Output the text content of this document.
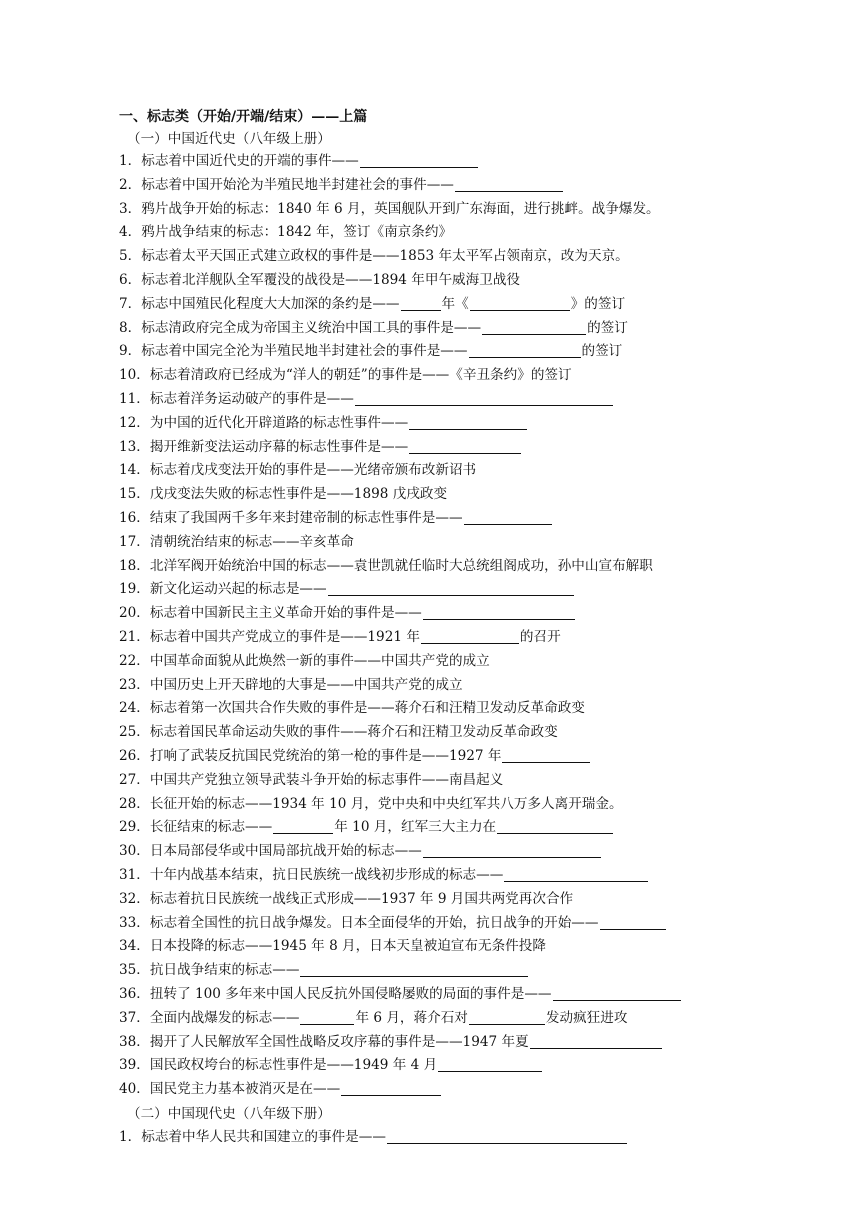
一、标志类（开始/开端/结束）——上篇
（一）中国近代史（八年级上册）
1．标志着中国近代史的开端的事件——
2．标志着中国开始沦为半殖民地半封建社会的事件——
3．鸦片战争开始的标志：1840 年 6 月，英国舰队开到广东海面，进行挑衅。战争爆发。
4．鸦片战争结束的标志：1842 年，签订《南京条约》
5．标志着太平天国正式建立政权的事件是——1853 年太平军占领南京，改为天京。
6．标志着北洋舰队全军覆没的战役是——1894 年甲午威海卫战役
7．标志中国殖民化程度大大加深的条约是——	年《	》的签订
8．标志清政府完全成为帝国主义统治中国工具的事件是——	的签订
9．标志着中国完全沦为半殖民地半封建社会的事件是——	的签订
10．标志着清政府已经成为“洋人的朝廷”的事件是——《辛丑条约》的签订
11．标志着洋务运动破产的事件是——
12．为中国的近代化开辟道路的标志性事件——
13．揭开维新变法运动序幕的标志性事件是——
14．标志着戊戌变法开始的事件是——光绪帝颁布改新诏书
15．戊戌变法失败的标志性事件是——1898 戊戌政变
16．结束了我国两千多年来封建帝制的标志性事件是——
17．清朝统治结束的标志——辛亥革命
18．北洋军阀开始统治中国的标志——袁世凯就任临时大总统组阁成功，孙中山宣布解职
19．新文化运动兴起的标志是——
20．标志着中国新民主主义革命开始的事件是——
21．标志着中国共产党成立的事件是——1921 年	的召开
22．中国革命面貌从此焕然一新的事件——中国共产党的成立
23．中国历史上开天辟地的大事是——中国共产党的成立
24．标志着第一次国共合作失败的事件是——蒋介石和汪精卫发动反革命政变
25．标志着国民革命运动失败的事件——蒋介石和汪精卫发动反革命政变
26．打响了武装反抗国民党统治的第一枪的事件是——1927 年
27．中国共产党独立领导武装斗争开始的标志事件——南昌起义
28．长征开始的标志——1934 年 10 月，党中央和中央红军共八万多人离开瑞金。
29．长征结束的标志——	年 10 月，红军三大主力在
30．日本局部侵华或中国局部抗战开始的标志——
31．十年内战基本结束，抗日民族统一战线初步形成的标志——
32．标志着抗日民族统一战线正式形成——1937 年 9 月国共两党再次合作
33．标志着全国性的抗日战争爆发。日本全面侵华的开始，抗日战争的开始——
34．日本投降的标志——1945 年 8 月，日本天皇被迫宣布无条件投降
35．抗日战争结束的标志——
36．扭转了 100 多年来中国人民反抗外国侵略屡败的局面的事件是——
37．全面内战爆发的标志——	年 6 月，蒋介石对	发动疯狂进攻
38．揭开了人民解放军全国性战略反攻序幕的事件是——1947 年夏
39．国民政权垮台的标志性事件是——1949 年 4 月
40．国民党主力基本被消灭是在——
（二）中国现代史（八年级下册）
1．标志着中华人民共和国建立的事件是——
